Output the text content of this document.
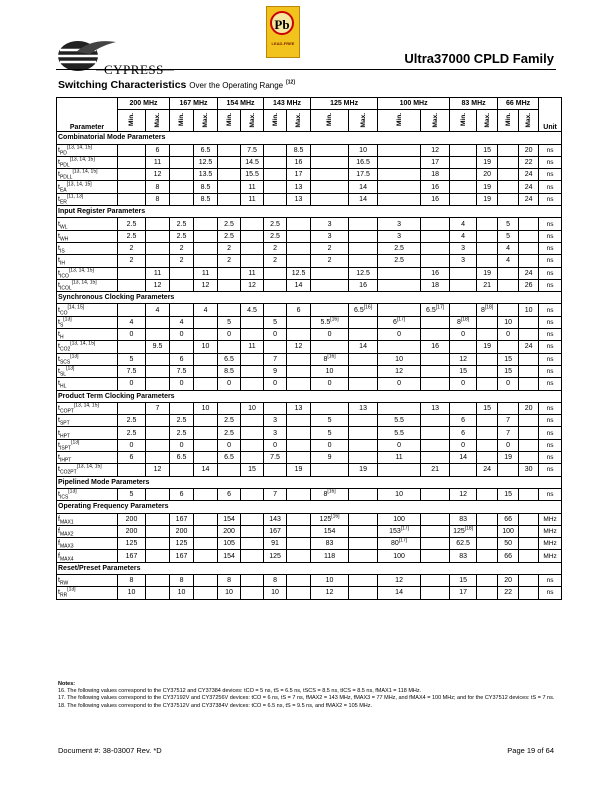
CYPRESS
Pb
LEAD-FREE
Ultra37000 CPLD Family
Switching Characteristics Over the Operating Range [12]
Parameter	200 MHz		167 MHz		154 MHz		143 MHz		125 MHz		100 MHz		83 MHz		66 MHz		Unit
	Min.	Max.	Min.	Max.	Min.	Max.	Min.	Max.	Min.	Max.	Min.	Max.	Min.	Max.	Min.	Max.	
Combinatorial Mode Parameters																	
$t_{PD}[13, 14, 15]$		6		6.5		7.5		8.5		10		12		15		20	ns
$t_{PDL}[13, 14, 15]$		11		12.5		14.5		16		16.5		17		19		22	ns
$t_{PDLL}[13, 14, 15]$		12		13.5		15.5		17		17.5		18		20		24	ns
$t_{EA}[13, 14, 15]$		8		8.5		11		13		14		16		19		24	ns
$t_{ER}[11, 13]$		8		8.5		11		13		14		16		19		24	ns
Input Register Parameters																	
$t_{WL}$	2.5		2.5		2.5		2.5		3		3		4		5		ns
$t_{WH}$	2.5		2.5		2.5		2.5		3		3		4		5		ns
$t_{IS}$	2		2		2		2		2		2.5		3		4		ns
$t_{IH}$	2		2		2		2		2		2.5		3		4		ns
$t_{ICO}[13, 14, 15]$		11		11		11		12.5		12.5		16		19		24	ns
$t_{ICOL}[13, 14, 15]$		12		12		12		14		16		18		21		26	ns
Synchronous Clocking Parameters																	
$t_{CO}[14, 15]$		4		4		4.5		6		6.5[16]		6.5[17]		8[18]		10	ns
$t_S[13]$	4		4		5		5		5.5[16]		6[17]		8[18]		10		ns
$t_H$	0		0		0		0		0		0		0		0		ns
$t_{CO2}[13, 14, 15]$		9.5		10		11		12		14		16		19		24	ns
$t_{SCS}[13]$	5		6		6.5		7		8[16]		10		12		15		ns
$t_{SL}[13]$	7.5		7.5		8.5		9		10		12		15		15		ns
$t_{HL}$	0		0		0		0		0		0		0		0		ns
Product Term Clocking Parameters																	
$t_{COPT}[13, 14, 15]$		7		10		10		13		13		13		15		20	ns
$t_{SPT}$	2.5		2.5		2.5		3		5		5.5		6		7		ns
$t_{HPT}$	2.5		2.5		2.5		3		5		5.5		6		7		ns
$t_{ISPT}[13]$	0		0		0		0		0		0		0		0		ns
$t_{IHPT}$	6		6.5		6.5		7.5		9		11		14		19		ns
$t_{CO2PT}[13, 14, 15]$		12		14		15		19		19		21		24		30	ns
Pipelined Mode Parameters																	
$t_{ICS}[13]$	5		6		6		7		8[16]		10		12		15		ns
Operating Frequency Parameters																	
$f_{MAX1}$	200		167		154		143		125[16]		100		83		66		MHz
$f_{MAX2}$	200		200		200		167		154		153[17]		125[18]		100		MHz
$f_{MAX3}$	125		125		105		91		83		80[17]		62.5		50		MHz
$f_{MAX4}$	167		167		154		125		118		100		83		66		MHz
Reset/Preset Parameters																	
$t_{RW}$	8		8		8		8		10		12		15		20		ns
$t_{RR}[13]$	10		10		10		10		12		14		17		22		ns
Notes:
16. The following values correspond to the CY37512 and CY37384 devices: tCO = 5 ns, tS = 6.5 ns, tSCS = 8.5 ns, tICS = 8.5 ns, fMAX1 = 118 MHz.
17. The following values correspond to the CY37192V and CY37256V devices: tCO = 6 ns, tS = 7 ns, fMAX2 = 143 MHz, fMAX3 = 77 MHz, and fMAX4 = 100 MHz; and for the CY37512 devices: tS = 7 ns.
18. The following values correspond to the CY37512V and CY37384V devices: tCO = 6.5 ns, tS = 9.5 ns, and fMAX2 = 105 MHz.
Document #: 38-03007 Rev. *D	Page 19 of 64
